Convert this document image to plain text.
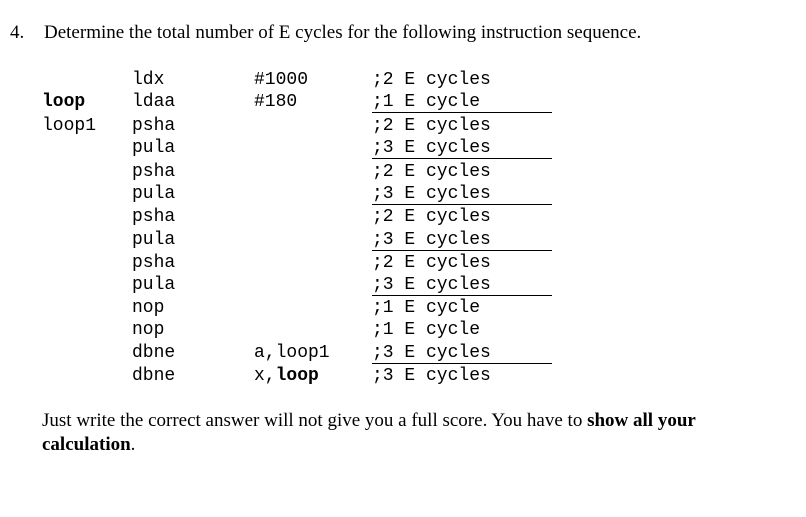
4. Determine the total number of E cycles for the following instruction sequence.
ldx	#1000	;2 E cycles
loop	ldaa	#180	;1 E cycle
loop1 psha	;2 E cycles
pula	;3 E cycles
psha	;2 E cycles
pula	;3 E cycles
psha	;2 E cycles
pula	;3 E cycles
psha	;2 E cycles
pula	;3 E cycles
nop	;1 E cycle
nop	;1 E cycle
dbne	a,loop1 ;3 E cycles
dbne	x,loop	;3 E cycles
Just write the correct answer will not give you a full score. You have to show all your calculation.
